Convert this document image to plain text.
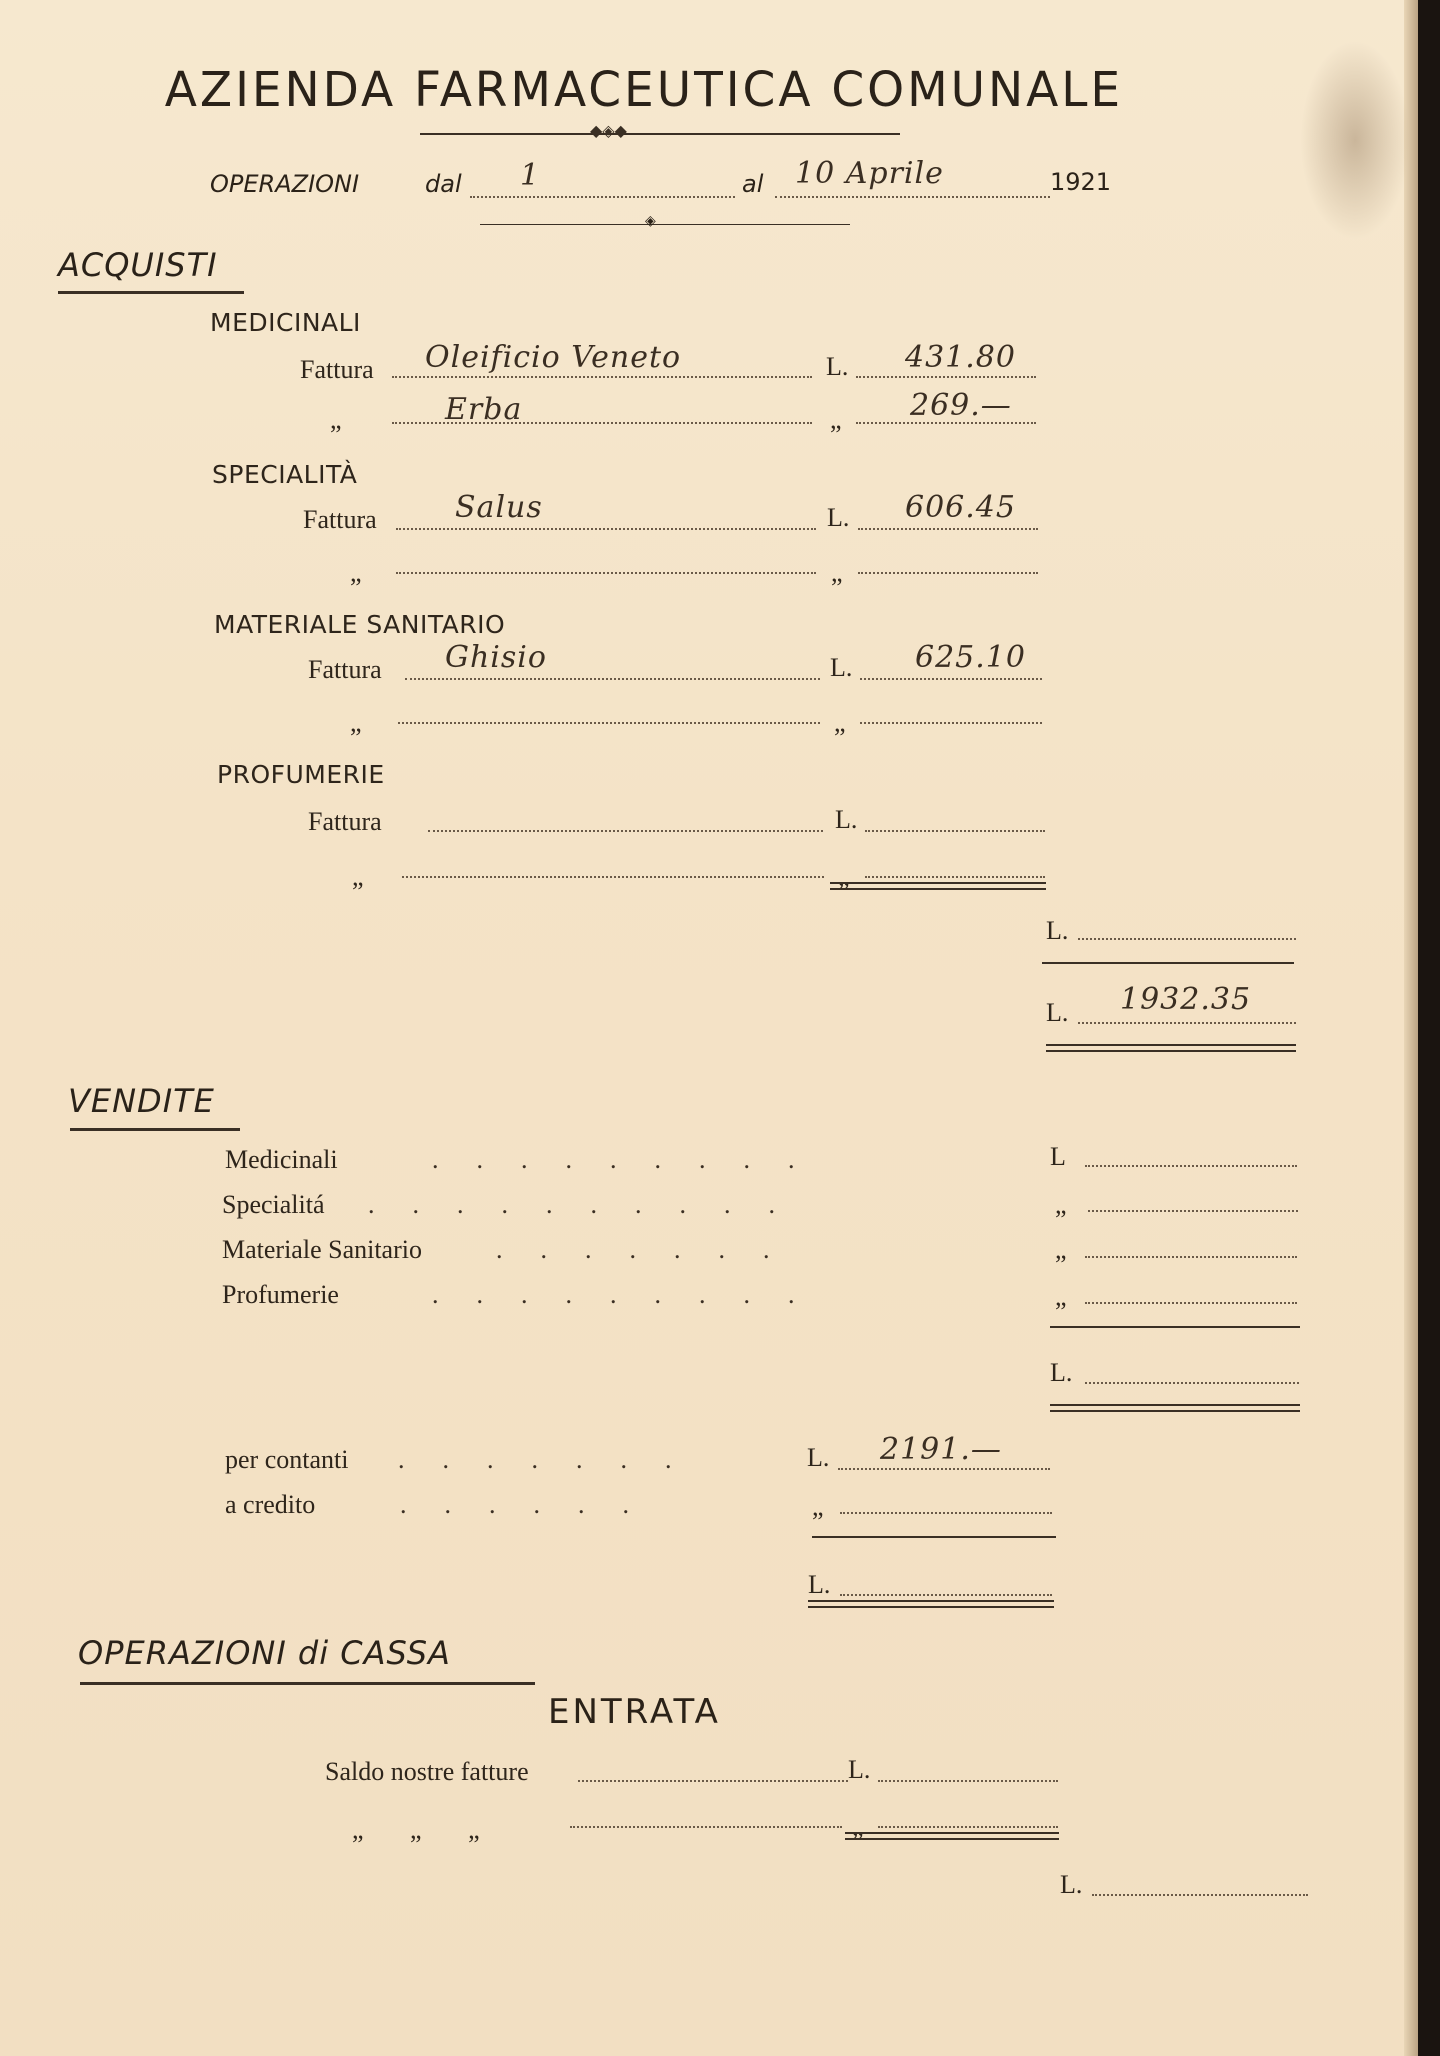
AZIENDA FARMACEUTICA COMUNALE
◆◈◆
OPERAZIONI	dal 1	al 10 Aprile	1921
◈
ACQUISTI
MEDICINALI
Fattura Oleificio Veneto	L. 431.80
„	Erba	„ 269.—
SPECIALITÀ
Fattura	Salus	L. 606.45
„	„
MATERIALE SANITARIO
Fattura Ghisio	L. 625.10
„	„
PROFUMERIE
Fattura	L.
„	„
L.
L. 1932.35
VENDITE
Medicinali	.........	L
Specialitá ..........	„
Materiale Sanitario	.......	„
Profumerie	.........	„
L.
per contanti .......	L. 2191.—
a credito	......	„
L.
OPERAZIONI di CASSA
ENTRATA
Saldo nostre fatture	L.
„ „ „	„
L.
